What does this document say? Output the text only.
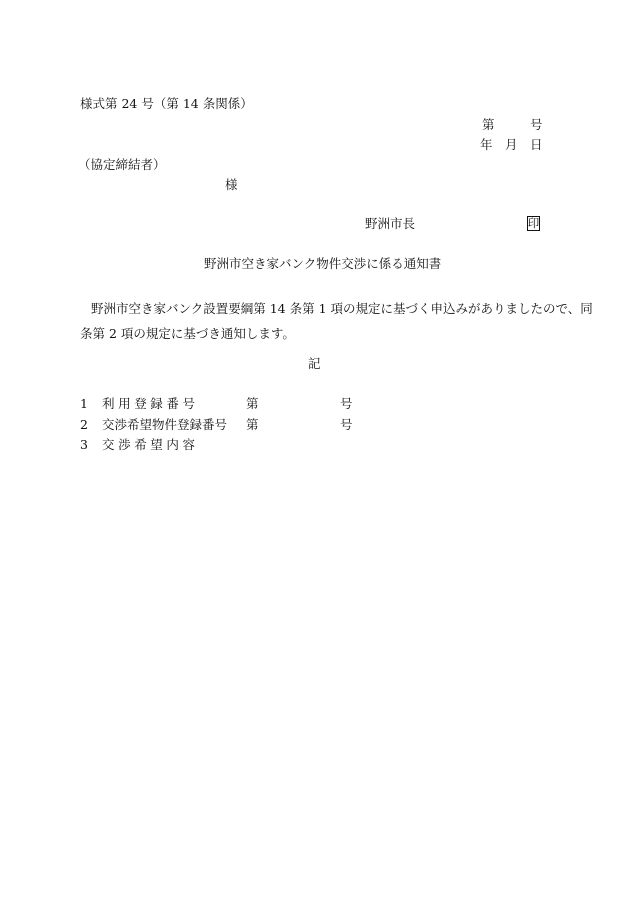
様式第 24 号（第 14 条関係）
第	号
年 月 日
（協定締結者）
様
野洲市長	印
野洲市空き家バンク物件交渉に係る通知書
野洲市空き家バンク設置要綱第 14 条第 1 項の規定に基づく申込みがありましたので、同
条第 2 項の規定に基づき通知します。
記
1 利用登録番号	第	号
2 交渉希望物件登録番号 第	号
3 交渉希望内容
